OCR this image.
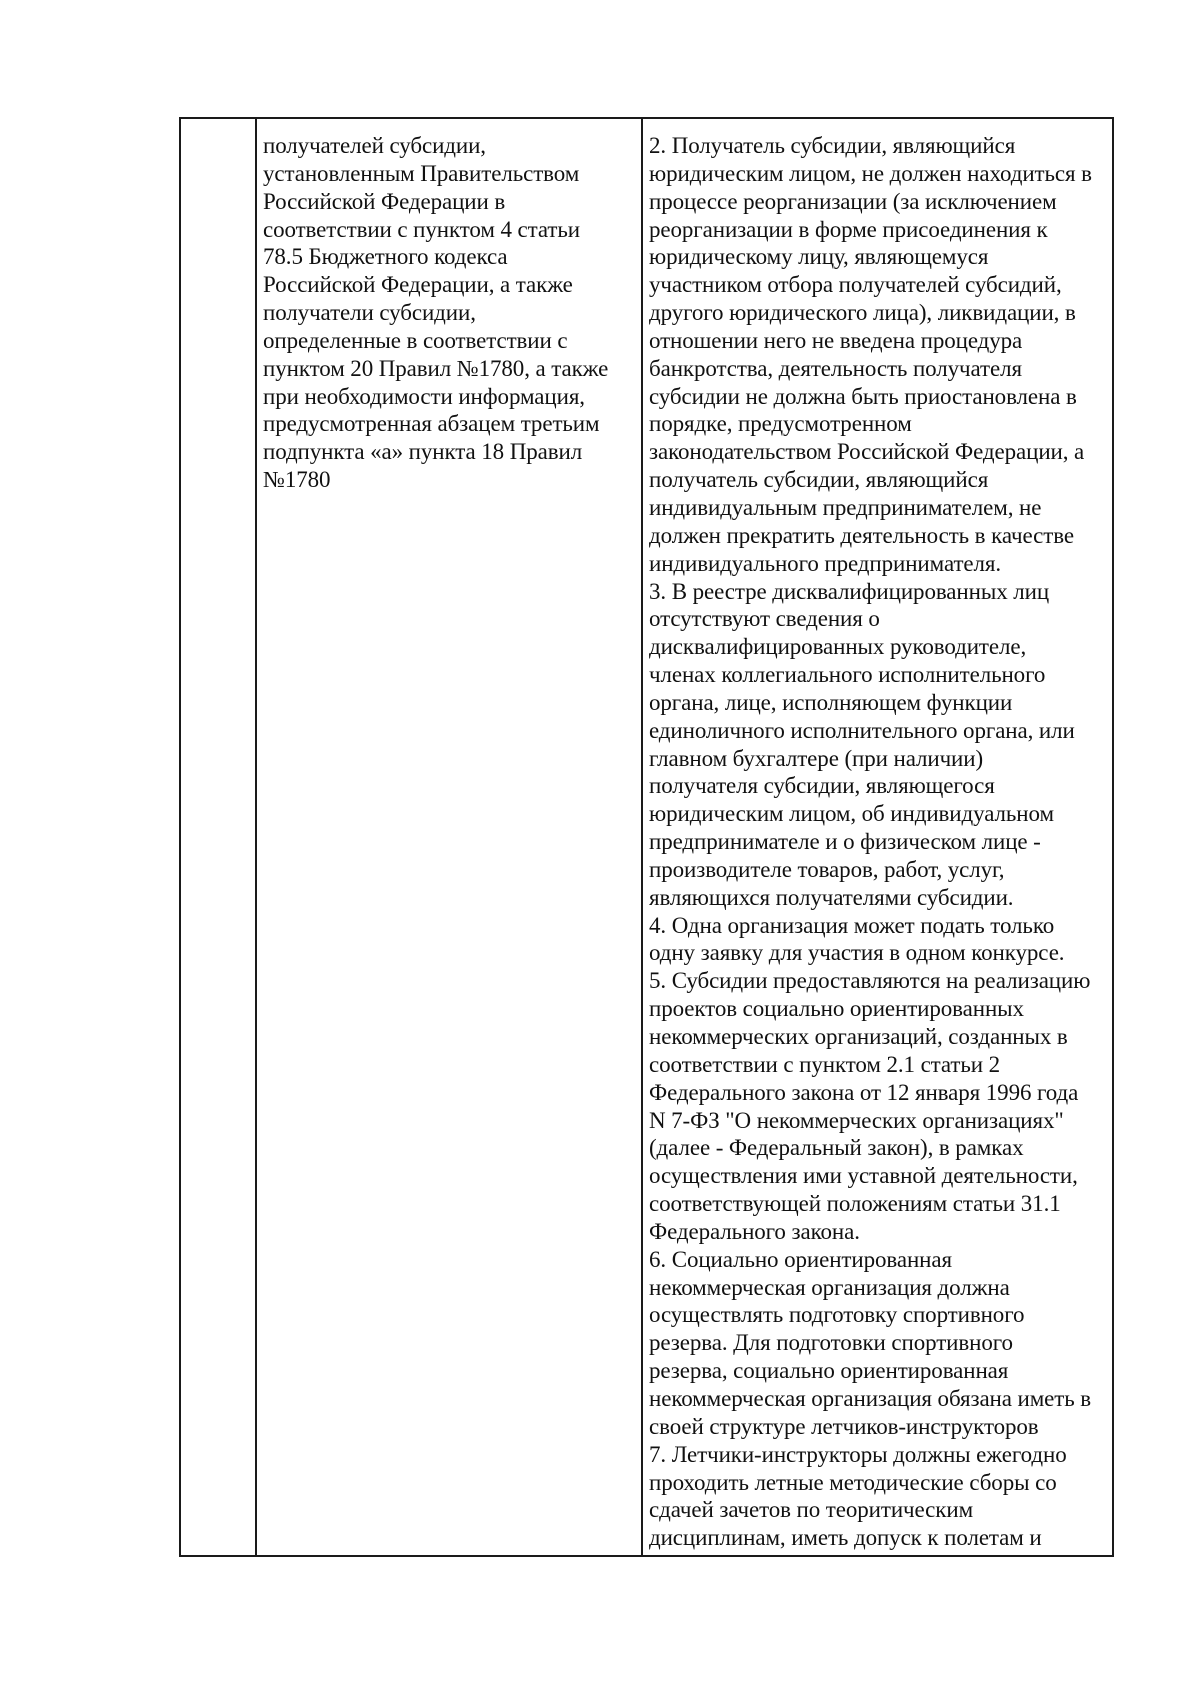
получателей субсидии,
установленным Правительством
Российской Федерации в
соответствии с пунктом 4 статьи
78.5 Бюджетного кодекса
Российской Федерации, а также
получатели субсидии,
определенные в соответствии с
пунктом 20 Правил №1780, а также
при необходимости информация,
предусмотренная абзацем третьим
подпункта «а» пункта 18 Правил
№1780
2. Получатель субсидии, являющийся
юридическим лицом, не должен находиться в
процессе реорганизации (за исключением
реорганизации в форме присоединения к
юридическому лицу, являющемуся
участником отбора получателей субсидий,
другого юридического лица), ликвидации, в
отношении него не введена процедура
банкротства, деятельность получателя
субсидии не должна быть приостановлена в
порядке, предусмотренном
законодательством Российской Федерации, а
получатель субсидии, являющийся
индивидуальным предпринимателем, не
должен прекратить деятельность в качестве
индивидуального предпринимателя.
3. В реестре дисквалифицированных лиц
отсутствуют сведения о
дисквалифицированных руководителе,
членах коллегиального исполнительного
органа, лице, исполняющем функции
единоличного исполнительного органа, или
главном бухгалтере (при наличии)
получателя субсидии, являющегося
юридическим лицом, об индивидуальном
предпринимателе и о физическом лице -
производителе товаров, работ, услуг,
являющихся получателями субсидии.
4. Одна организация может подать только
одну заявку для участия в одном конкурсе.
5. Субсидии предоставляются на реализацию
проектов социально ориентированных
некоммерческих организаций, созданных в
соответствии с пунктом 2.1 статьи 2
Федерального закона от 12 января 1996 года
N 7-ФЗ "О некоммерческих организациях"
(далее - Федеральный закон), в рамках
осуществления ими уставной деятельности,
соответствующей положениям статьи 31.1
Федерального закона.
6. Социально ориентированная
некоммерческая организация должна
осуществлять подготовку спортивного
резерва. Для подготовки спортивного
резерва, социально ориентированная
некоммерческая организация обязана иметь в
своей структуре летчиков-инструкторов
7. Летчики-инструкторы должны ежегодно
проходить летные методические сборы со
сдачей зачетов по теоритическим
дисциплинам, иметь допуск к полетам и
